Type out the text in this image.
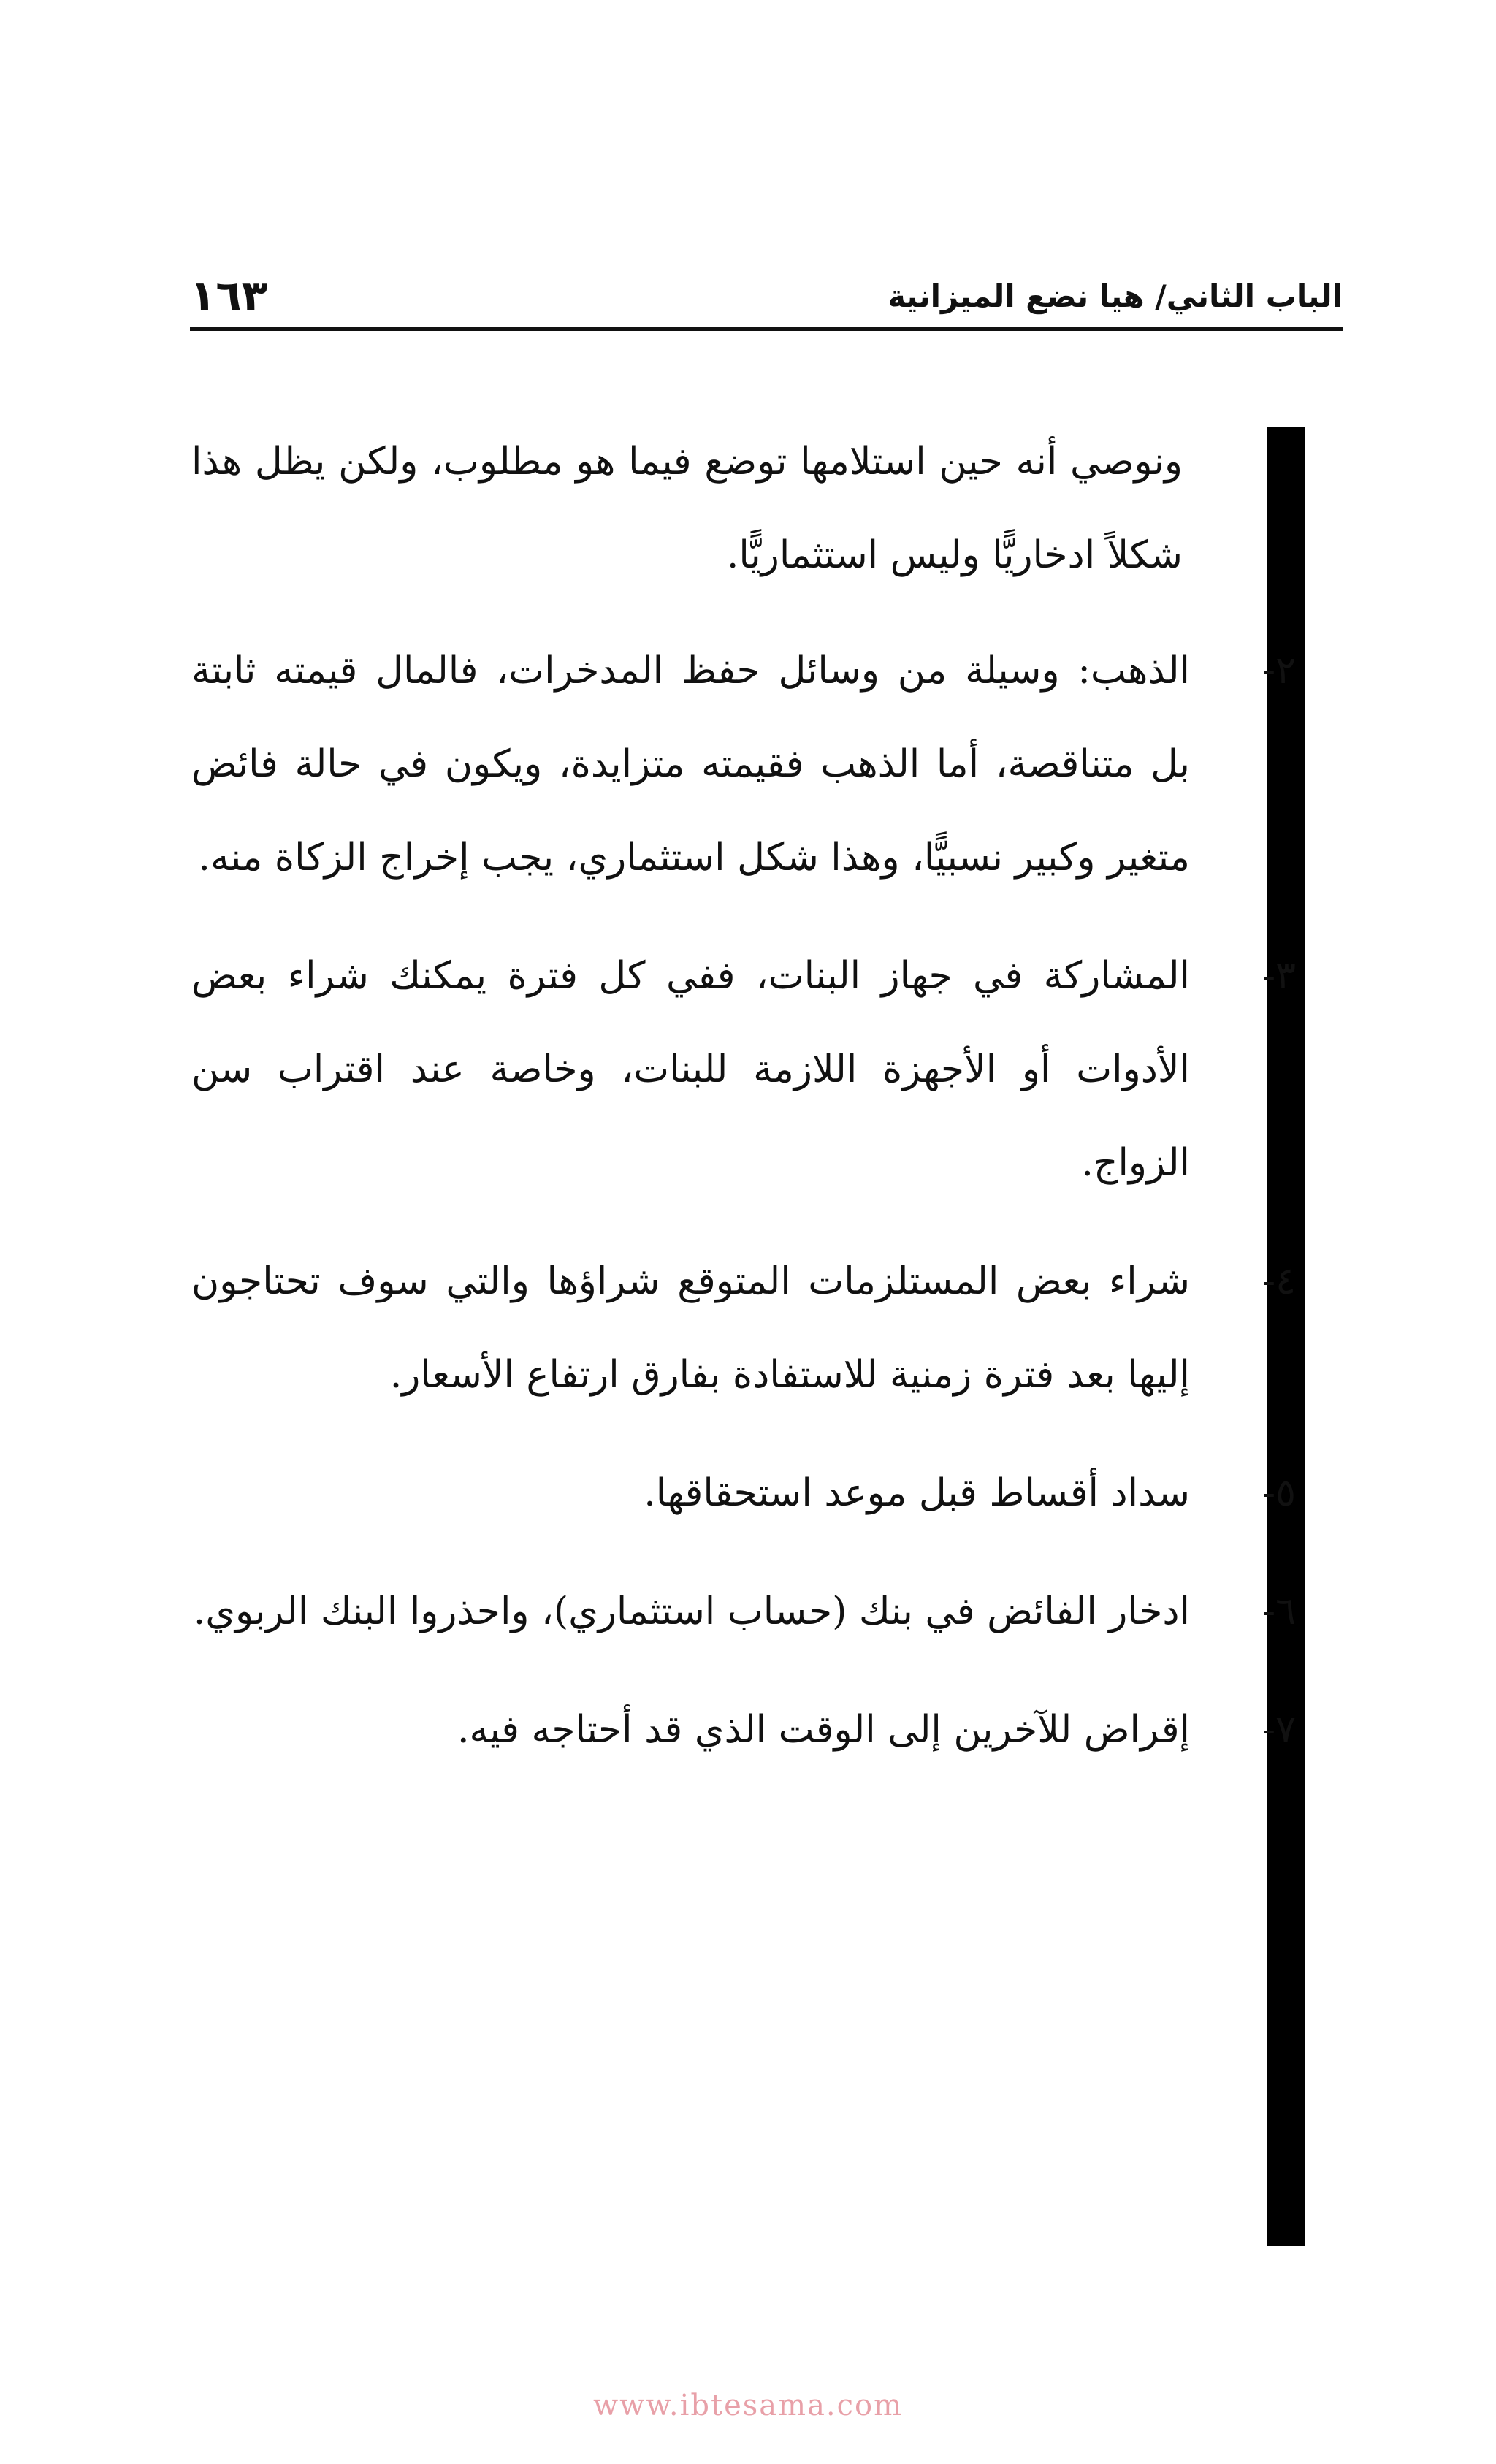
١٦٣	الباب الثاني/ هيا نضع الميزانية

ونوصي أنه حين استلامها توضع فيما هو مطلوب، ولكن يظل هذا شكلاً ادخاريًّا وليس استثماريًّا.

٢-
الذهب: وسيلة من وسائل حفظ المدخرات، فالمال قيمته ثابتة بل متناقصة، أما الذهب فقيمته متزايدة، ويكون في حالة فائض متغير وكبير نسبيًّا، وهذا شكل استثماري، يجب إخراج الزكاة منه.
٣-
المشاركة في جهاز البنات، ففي كل فترة يمكنك شراء بعض الأدوات أو الأجهزة اللازمة للبنات، وخاصة عند اقتراب سن الزواج.
٤-
شراء بعض المستلزمات المتوقع شراؤها والتي سوف تحتاجون إليها بعد فترة زمنية للاستفادة بفارق ارتفاع الأسعار.
٥-
سداد أقساط قبل موعد استحقاقها.
٦-
ادخار الفائض في بنك (حساب استثماري)، واحذروا البنك الربوي.
٧-
إقراض للآخرين إلى الوقت الذي قد أحتاجه فيه.
www.ibtesama.com
